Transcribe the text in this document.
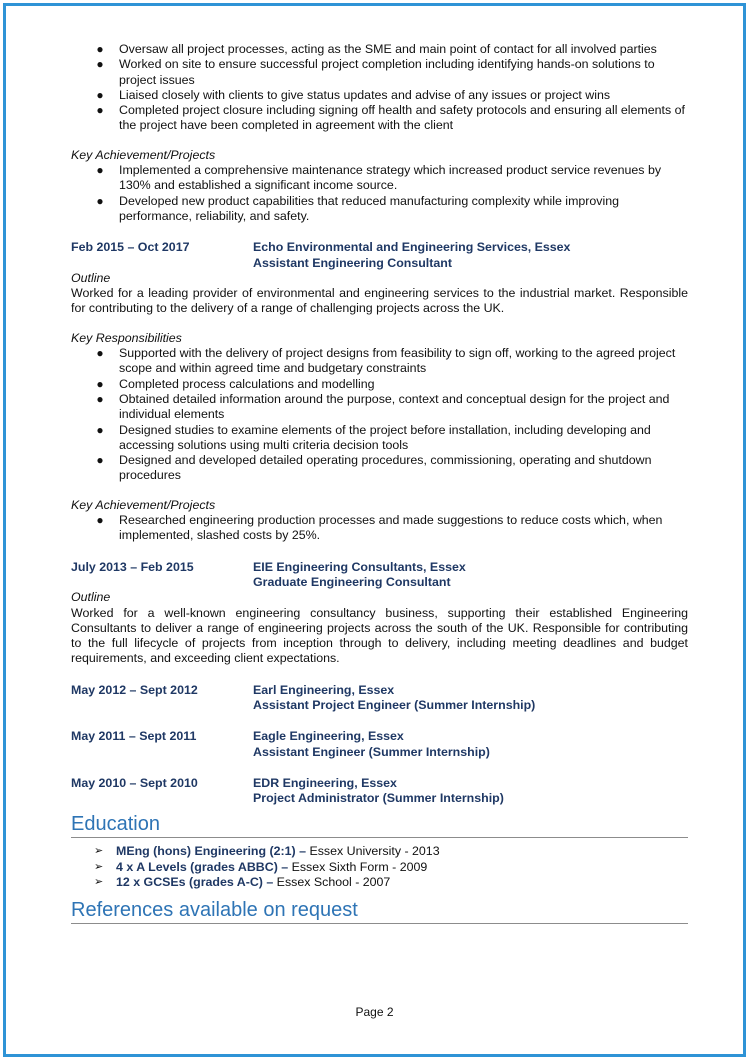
● Oversaw all project processes, acting as the SME and main point of contact for all involved parties
● Worked on site to ensure successful project completion including identifying hands-on solutions to project issues
● Liaised closely with clients to give status updates and advise of any issues or project wins
● Completed project closure including signing off health and safety protocols and ensuring all elements of the project have been completed in agreement with the client
Key Achievement/Projects
● Implemented a comprehensive maintenance strategy which increased product service revenues by 130% and established a significant income source.
● Developed new product capabilities that reduced manufacturing complexity while improving performance, reliability, and safety.
Feb 2015 – Oct 2017	Echo Environmental and Engineering Services, Essex
Assistant Engineering Consultant
Outline
Worked for a leading provider of environmental and engineering services to the industrial market. Responsible for contributing to the delivery of a range of challenging projects across the UK.
Key Responsibilities
● Supported with the delivery of project designs from feasibility to sign off, working to the agreed project scope and within agreed time and budgetary constraints
● Completed process calculations and modelling
● Obtained detailed information around the purpose, context and conceptual design for the project and individual elements
● Designed studies to examine elements of the project before installation, including developing and accessing solutions using multi criteria decision tools
● Designed and developed detailed operating procedures, commissioning, operating and shutdown procedures
Key Achievement/Projects
● Researched engineering production processes and made suggestions to reduce costs which, when implemented, slashed costs by 25%.
July 2013 – Feb 2015	EIE Engineering Consultants, Essex
Graduate Engineering Consultant
Outline
Worked for a well-known engineering consultancy business, supporting their established Engineering Consultants to deliver a range of engineering projects across the south of the UK. Responsible for contributing to the full lifecycle of projects from inception through to delivery, including meeting deadlines and budget requirements, and exceeding client expectations.
May 2012 – Sept 2012	Earl Engineering, Essex
Assistant Project Engineer (Summer Internship)
May 2011 – Sept 2011	Eagle Engineering, Essex
Assistant Engineer (Summer Internship)
May 2010 – Sept 2010	EDR Engineering, Essex
Project Administrator (Summer Internship)
Education
➢ MEng (hons) Engineering (2:1) – Essex University - 2013
➢ 4 x A Levels (grades ABBC) – Essex Sixth Form - 2009
➢ 12 x GCSEs (grades A-C) – Essex School - 2007
References available on request
Page 2
